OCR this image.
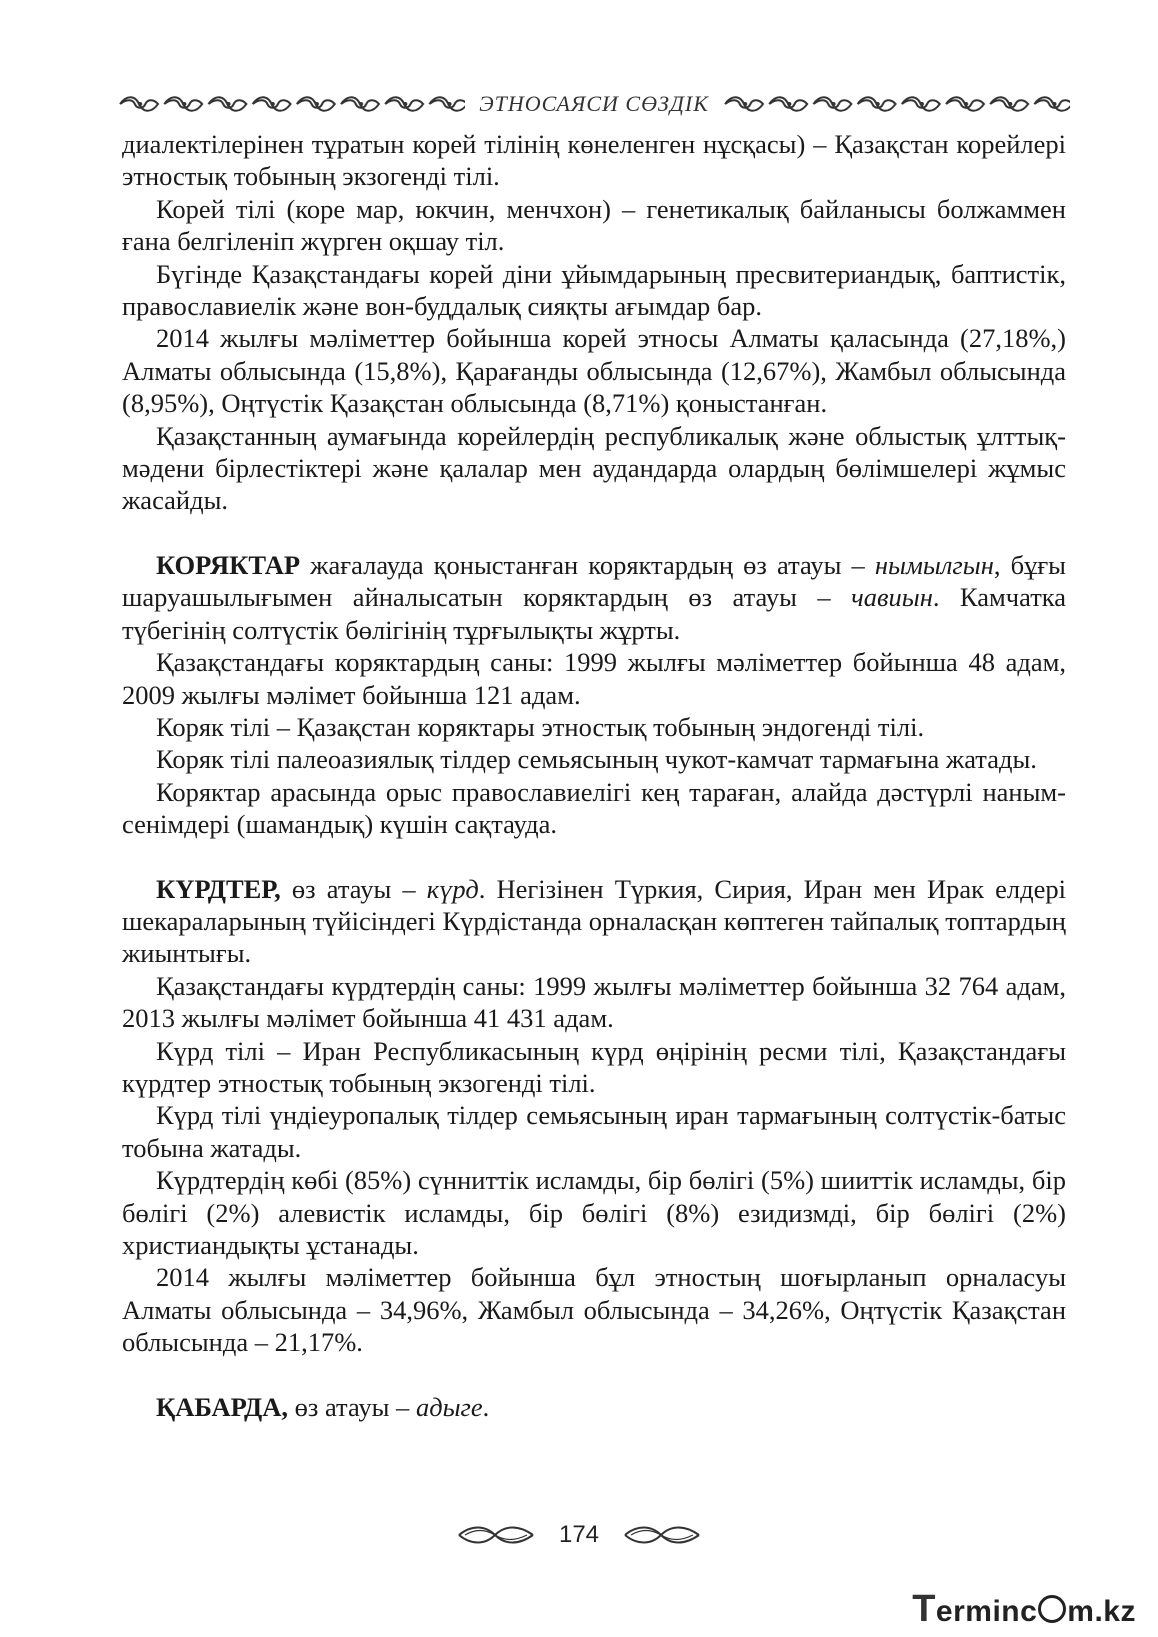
ЭТНОСАЯСИ СӨЗДІК

диалектілерінен тұратын корей тілінің көнеленген нұсқасы) – Қазақстан корейлері этностық тобының экзогенді тілі.

Корей тілі (коре мар, юкчин, менчхон) – генетикалық байланысы болжаммен ғана белгіленіп жүрген оқшау тіл.

Бүгінде Қазақстандағы корей діни ұйымдарының пресвитериандық, баптистік, православиелік және вон-буддалық сияқты ағымдар бар.

2014 жылғы мәліметтер бойынша корей этносы Алматы қаласында (27,18%,) Алматы облысында (15,8%), Қарағанды облысында (12,67%), Жамбыл облысында (8,95%), Оңтүстік Қазақстан облысында (8,71%) қоныстанған.

Қазақстанның аумағында корейлердің республикалық және облыстық ұлттық-мәдени бірлестіктері және қалалар мен аудандарда олардың бөлімшелері жұмыс жасайды.

КОРЯКТАР жағалауда қоныстанған коряктардың өз атауы – нымылгын, бұғы шаруашылығымен айналысатын коряктардың өз атауы – чавиын. Камчатка түбегінің солтүстік бөлігінің тұрғылықты жұрты.

Қазақстандағы коряктардың саны: 1999 жылғы мәліметтер бойынша 48 адам, 2009 жылғы мәлімет бойынша 121 адам.

Коряк тілі – Қазақстан коряктары этностық тобының эндогенді тілі.

Коряк тілі палеоазиялық тілдер семьясының чукот-камчат тармағына жатады.

Коряктар арасында орыс православиелігі кең тараған, алайда дәстүрлі наным-сенімдері (шамандық) күшін сақтауда.

КҮРДТЕР, өз атауы – күрд. Негізінен Түркия, Сирия, Иран мен Ирак елдері шекараларының түйісіндегі Күрдістанда орналасқан көптеген тайпалық топтардың жиынтығы.

Қазақстандағы күрдтердің саны: 1999 жылғы мәліметтер бойынша 32 764 адам, 2013 жылғы мәлімет бойынша 41 431 адам.

Күрд тілі – Иран Республикасының күрд өңірінің ресми тілі, Қазақстандағы күрдтер этностық тобының экзогенді тілі.

Күрд тілі үндіеуропалық тілдер семьясының иран тармағының солтүстік-батыс тобына жатады.

Күрдтердің көбі (85%) сүнниттік исламды, бір бөлігі (5%) шииттік исламды, бір бөлігі (2%) алевистік исламды, бір бөлігі (8%) езидизмді, бір бөлігі (2%) христиандықты ұстанады.

2014 жылғы мәліметтер бойынша бұл этностың шоғырланып орналасуы Алматы облысында – 34,96%, Жамбыл облысында – 34,26%, Оңтүстік Қазақстан облысында – 21,17%.

ҚАБАРДА, өз атауы – адыге.

174
Terminc m.kz
